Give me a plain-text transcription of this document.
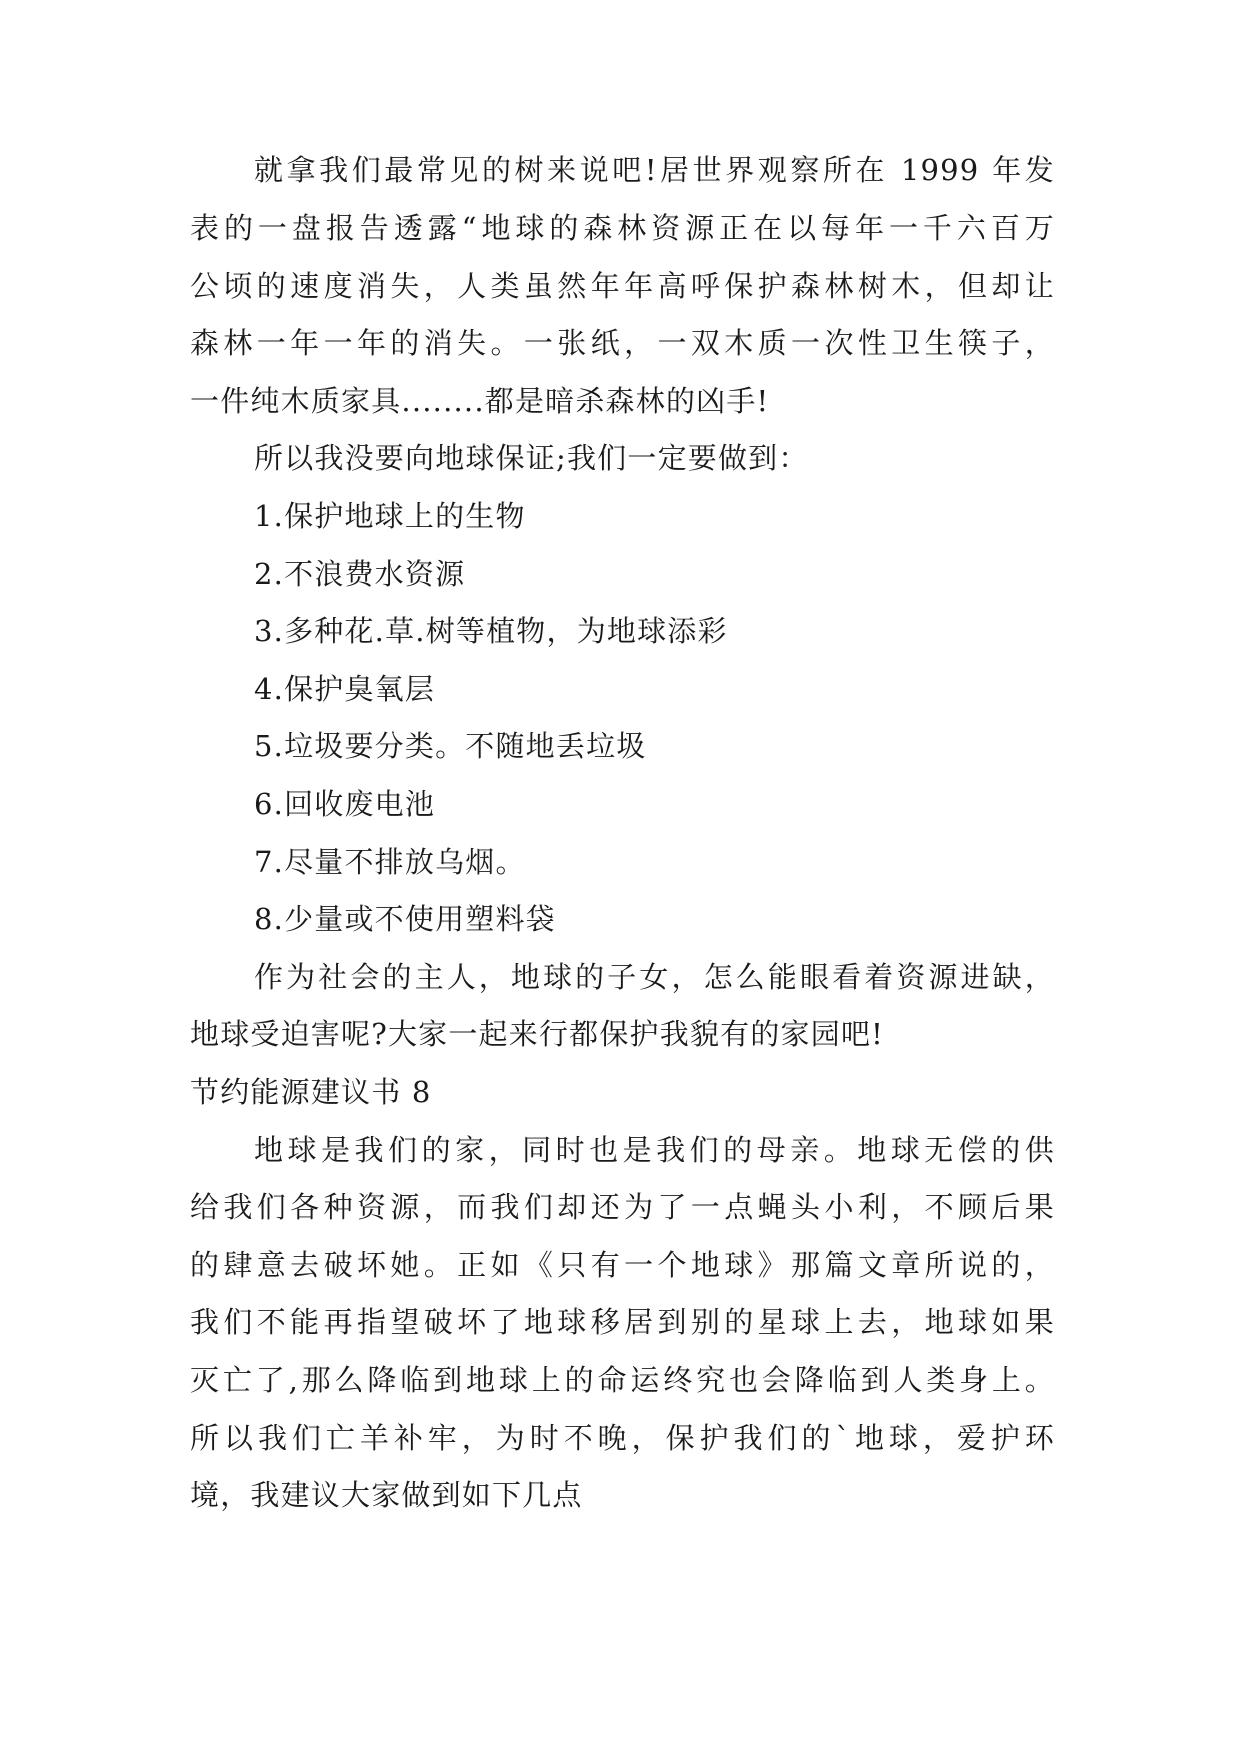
就拿我们最常见的树来说吧!居世界观察所在 1999 年发
表的一盘报告透露“地球的森林资源正在以每年一千六百万
公顷的速度消失，人类虽然年年高呼保护森林树木，但却让
森林一年一年的消失。一张纸，一双木质一次性卫生筷子，
一件纯木质家具........都是暗杀森林的凶手!
所以我没要向地球保证;我们一定要做到：
1.保护地球上的生物
2.不浪费水资源
3.多种花.草.树等植物，为地球添彩
4.保护臭氧层
5.垃圾要分类。不随地丢垃圾
6.回收废电池
7.尽量不排放乌烟。
8.少量或不使用塑料袋
作为社会的主人，地球的子女，怎么能眼看着资源进缺，
地球受迫害呢?大家一起来行都保护我貌有的家园吧!
节约能源建议书 8
地球是我们的家，同时也是我们的母亲。地球无偿的供
给我们各种资源，而我们却还为了一点蝇头小利，不顾后果
的肆意去破坏她。正如《只有一个地球》那篇文章所说的，
我们不能再指望破坏了地球移居到别的星球上去，地球如果
灭亡了,那么降临到地球上的命运终究也会降临到人类身上。
所以我们亡羊补牢，为时不晚，保护我们的`地球，爱护环
境，我建议大家做到如下几点
